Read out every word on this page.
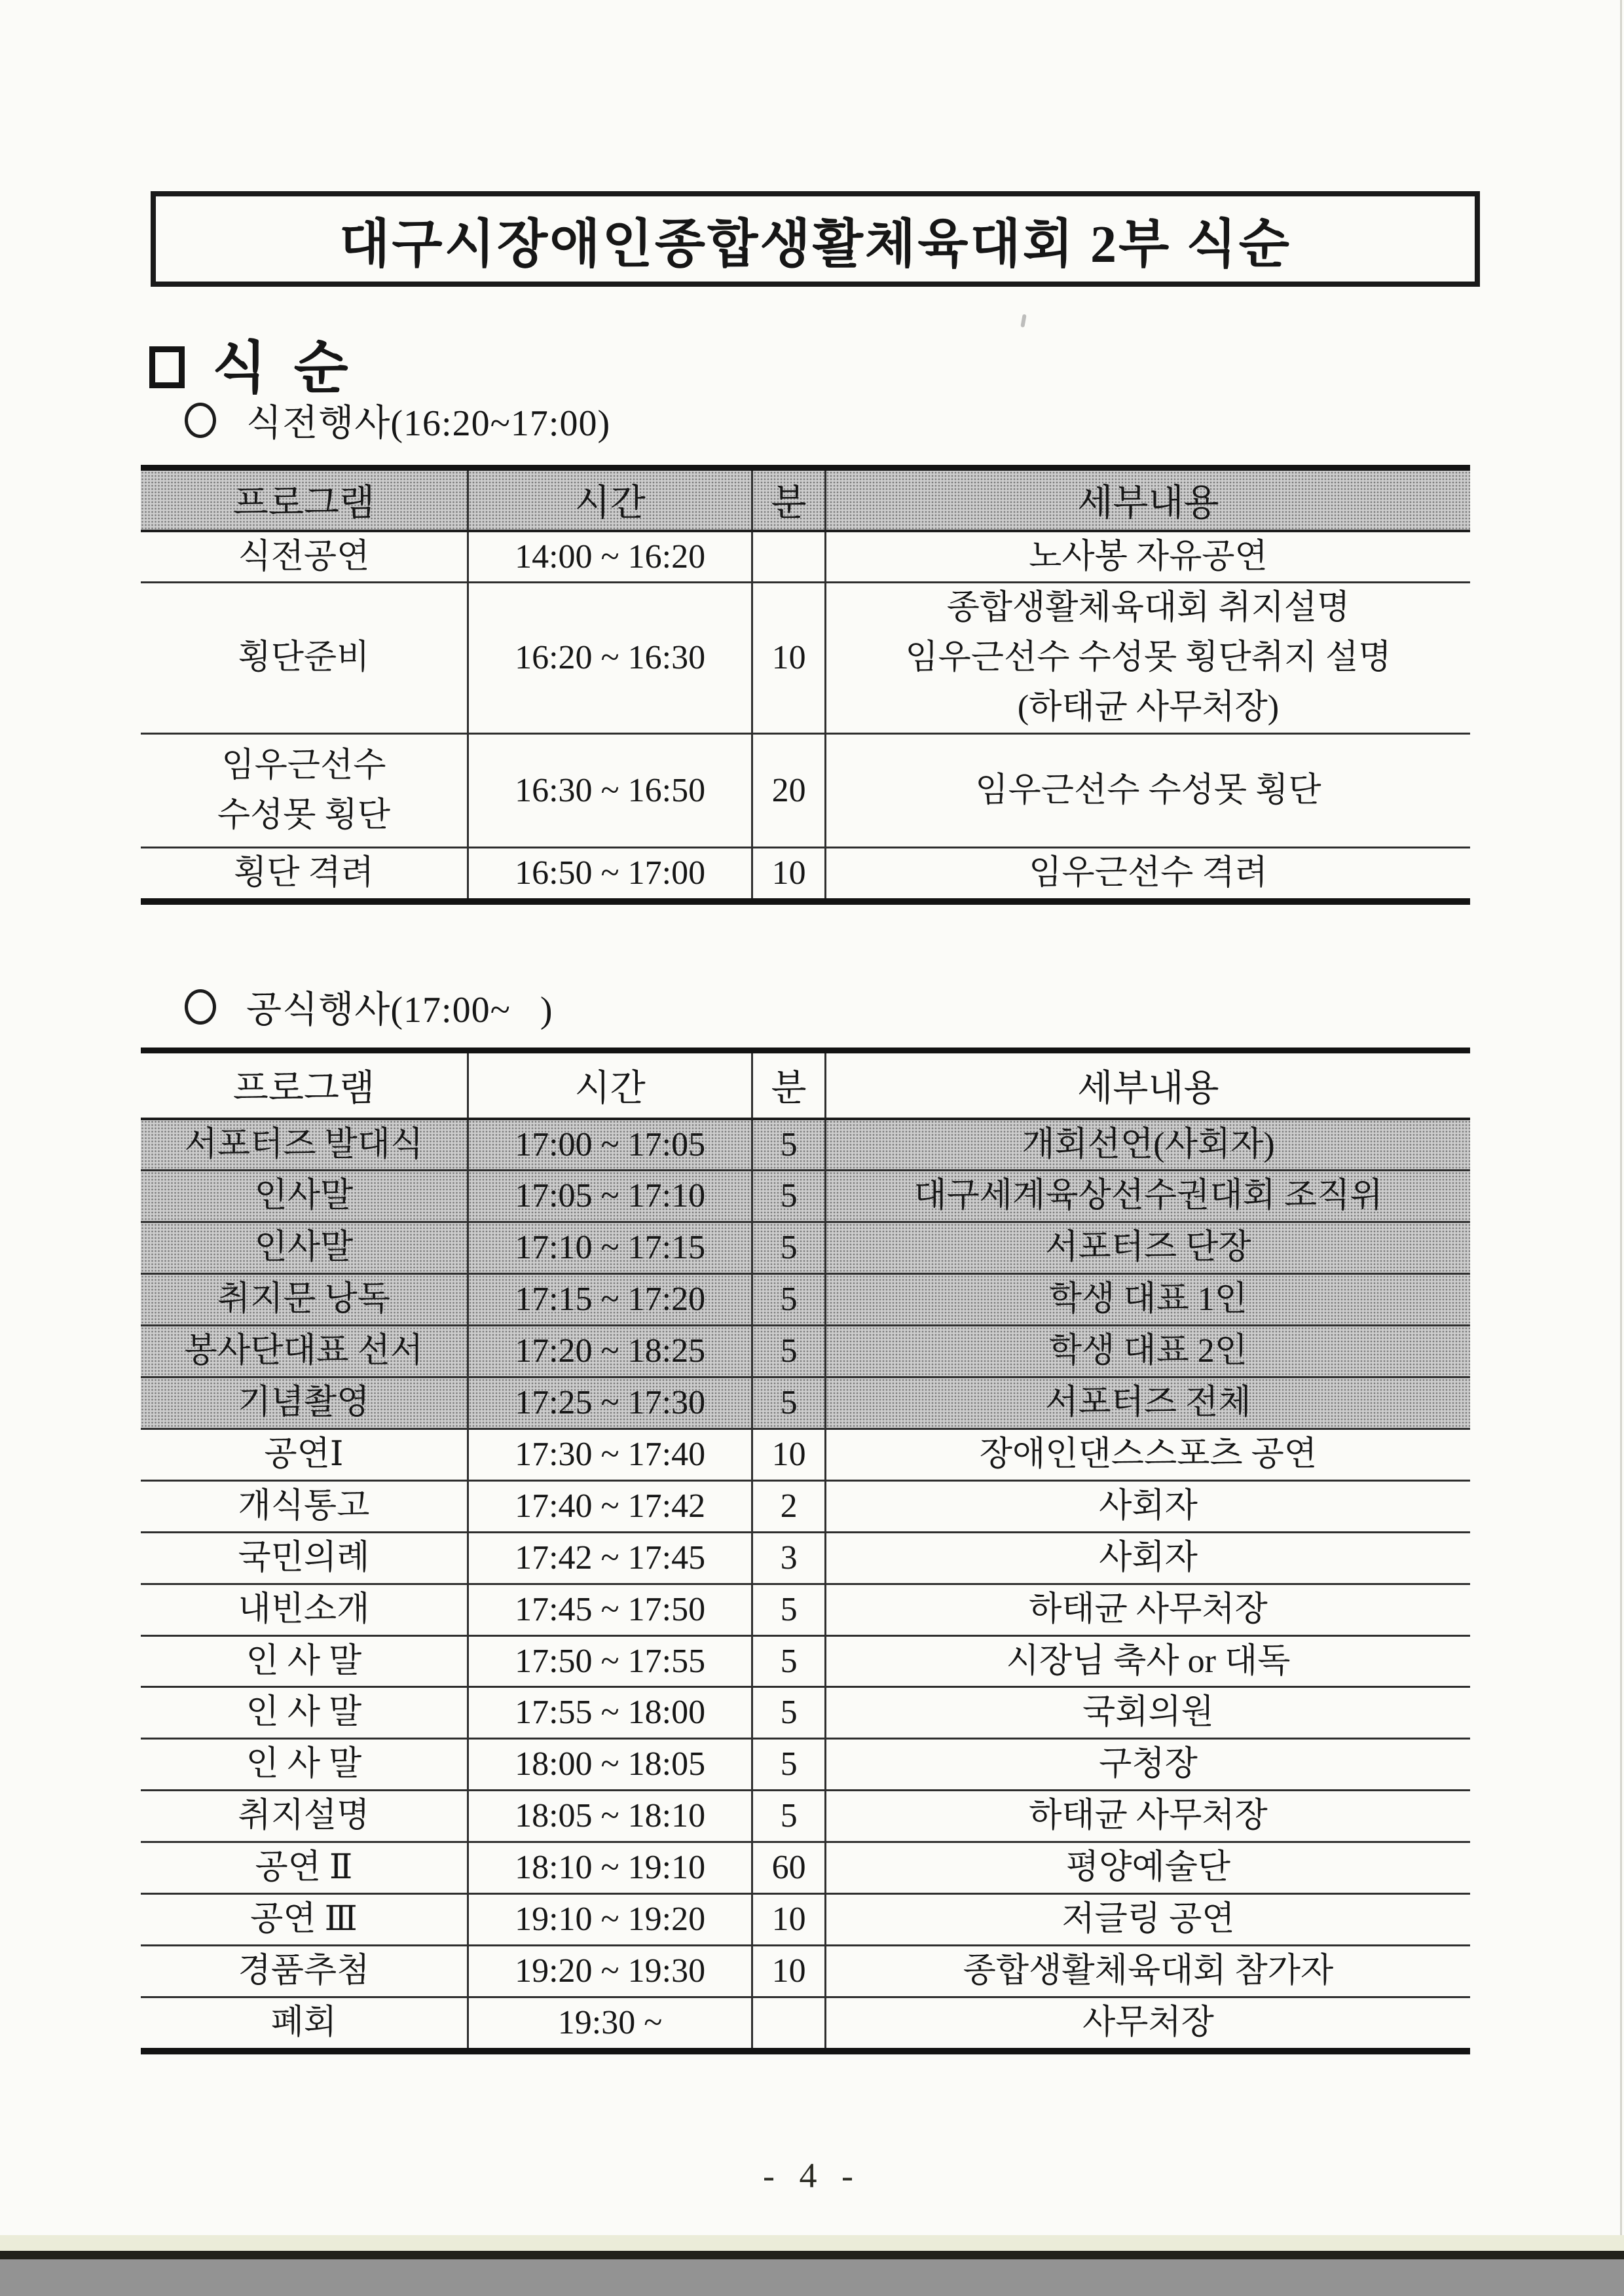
대구시장애인종합생활체육대회 2부 식순
식 순
식전행사(16:20~17:00)
프로그램	시간	분	세부내용

식전공연	14:00 ~ 16:20		노사봉 자유공연

횡단준비	16:20 ~ 16:30	10	종합생활체육대회 취지설명
임우근선수 수성못 횡단취지 설명
(하태균 사무처장)

임우근선수
수성못 횡단	16:30 ~ 16:50	20	임우근선수 수성못 횡단

횡단 격려	16:50 ~ 17:00	10	임우근선수 격려
공식행사(17:00~   )
프로그램	시간	분	세부내용

서포터즈 발대식	17:00 ~ 17:05	5	개회선언(사회자)

인사말	17:05 ~ 17:10	5	대구세계육상선수권대회 조직위

인사말	17:10 ~ 17:15	5	서포터즈 단장

취지문 낭독	17:15 ~ 17:20	5	학생 대표 1인

봉사단대표 선서	17:20 ~ 18:25	5	학생 대표 2인

기념촬영	17:25 ~ 17:30	5	서포터즈 전체

공연Ⅰ	17:30 ~ 17:40	10	장애인댄스스포츠 공연

개식통고	17:40 ~ 17:42	2	사회자

국민의례	17:42 ~ 17:45	3	사회자

내빈소개	17:45 ~ 17:50	5	하태균 사무처장

인 사 말	17:50 ~ 17:55	5	시장님 축사 or 대독

인 사 말	17:55 ~ 18:00	5	국회의원

인 사 말	18:00 ~ 18:05	5	구청장

취지설명	18:05 ~ 18:10	5	하태균 사무처장

공연 Ⅱ	18:10 ~ 19:10	60	평양예술단

공연 Ⅲ	19:10 ~ 19:20	10	저글링 공연

경품추첨	19:20 ~ 19:30	10	종합생활체육대회 참가자

폐회	19:30 ~		사무처장
- 4 -
